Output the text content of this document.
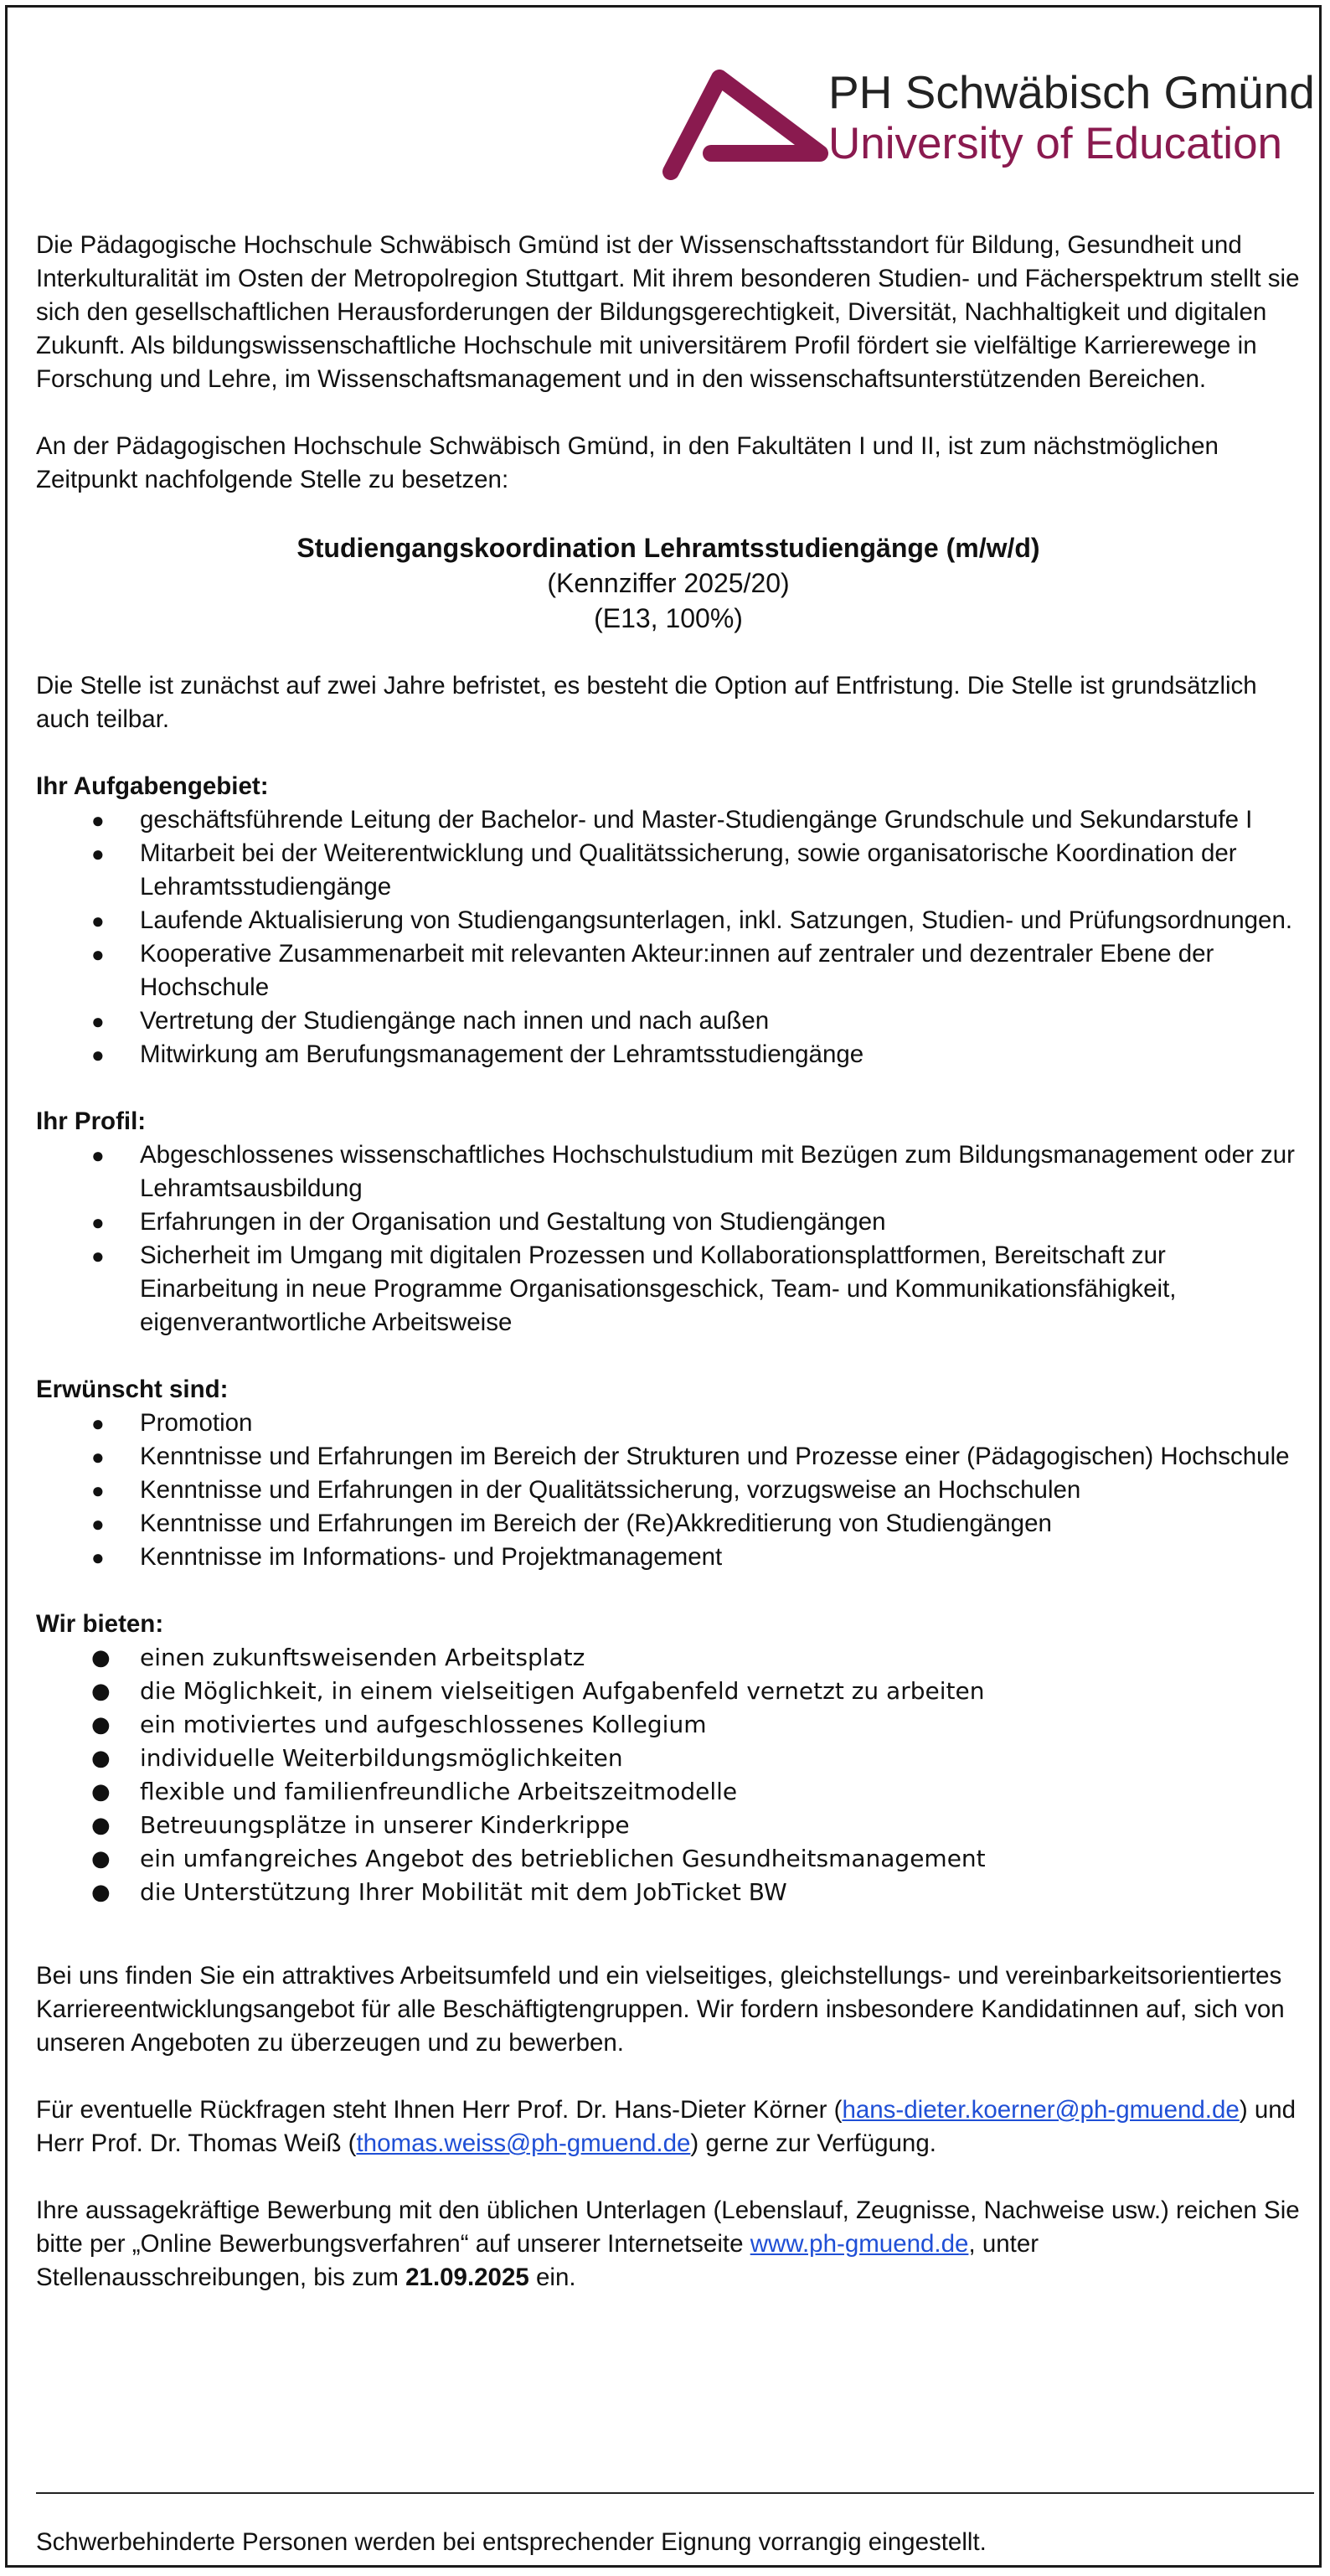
PH Schwäbisch Gmünd
University of Education

Die Pädagogische Hochschule Schwäbisch Gmünd ist der Wissenschaftsstandort für Bildung, Gesundheit und Interkulturalität im Osten der Metropolregion Stuttgart. Mit ihrem besonderen Studien- und Fächerspektrum stellt sie sich den gesellschaftlichen Herausforderungen der Bildungsgerechtigkeit, Diversität, Nachhaltigkeit und digitalen Zukunft. Als bildungswissenschaftliche Hochschule mit universitärem Profil fördert sie vielfältige Karrierewege in Forschung und Lehre, im Wissenschaftsmanagement und in den wissenschaftsunterstützenden Bereichen.

An der Pädagogischen Hochschule Schwäbisch Gmünd, in den Fakultäten I und II, ist zum nächstmöglichen Zeitpunkt nachfolgende Stelle zu besetzen:

Studiengangskoordination Lehramtsstudiengänge (m/w/d)
(Kennziffer 2025/20)
(E13, 100%)

Die Stelle ist zunächst auf zwei Jahre befristet, es besteht die Option auf Entfristung. Die Stelle ist grundsätzlich auch teilbar.

Ihr Aufgabengebiet:
● geschäftsführende Leitung der Bachelor- und Master-Studiengänge Grundschule und Sekundarstufe I
● Mitarbeit bei der Weiterentwicklung und Qualitätssicherung, sowie organisatorische Koordination der Lehramtsstudiengänge
● Laufende Aktualisierung von Studiengangsunterlagen, inkl. Satzungen, Studien- und Prüfungsordnungen.
● Kooperative Zusammenarbeit mit relevanten Akteur:innen auf zentraler und dezentraler Ebene der Hochschule
● Vertretung der Studiengänge nach innen und nach außen
● Mitwirkung am Berufungsmanagement der Lehramtsstudiengänge
Ihr Profil:
● Abgeschlossenes wissenschaftliches Hochschulstudium mit Bezügen zum Bildungsmanagement oder zur Lehramtsausbildung
● Erfahrungen in der Organisation und Gestaltung von Studiengängen
● Sicherheit im Umgang mit digitalen Prozessen und Kollaborationsplattformen, Bereitschaft zur Einarbeitung in neue Programme Organisationsgeschick, Team- und Kommunikationsfähigkeit, eigenverantwortliche Arbeitsweise
Erwünscht sind:
● Promotion
● Kenntnisse und Erfahrungen im Bereich der Strukturen und Prozesse einer (Pädagogischen) Hochschule
● Kenntnisse und Erfahrungen in der Qualitätssicherung, vorzugsweise an Hochschulen
● Kenntnisse und Erfahrungen im Bereich der (Re)Akkreditierung von Studiengängen
● Kenntnisse im Informations- und Projektmanagement
Wir bieten:
● einen zukunftsweisenden Arbeitsplatz
● die Möglichkeit, in einem vielseitigen Aufgabenfeld vernetzt zu arbeiten
● ein motiviertes und aufgeschlossenes Kollegium
● individuelle Weiterbildungsmöglichkeiten
● flexible und familienfreundliche Arbeitszeitmodelle
● Betreuungsplätze in unserer Kinderkrippe
● ein umfangreiches Angebot des betrieblichen Gesundheitsmanagement
● die Unterstützung Ihrer Mobilität mit dem JobTicket BW

Bei uns finden Sie ein attraktives Arbeitsumfeld und ein vielseitiges, gleichstellungs- und vereinbarkeitsorientiertes Karriereentwicklungsangebot für alle Beschäftigtengruppen. Wir fordern insbesondere Kandidatinnen auf, sich von unseren Angeboten zu überzeugen und zu bewerben.

Für eventuelle Rückfragen steht Ihnen Herr Prof. Dr. Hans-Dieter Körner (hans-dieter.koerner@ph-gmuend.de) und Herr Prof. Dr. Thomas Weiß (thomas.weiss@ph-gmuend.de) gerne zur Verfügung.

Ihre aussagekräftige Bewerbung mit den üblichen Unterlagen (Lebenslauf, Zeugnisse, Nachweise usw.) reichen Sie bitte per „Online Bewerbungsverfahren“ auf unserer Internetseite www.ph-gmuend.de, unter Stellenausschreibungen, bis zum 21.09.2025 ein.

Schwerbehinderte Personen werden bei entsprechender Eignung vorrangig eingestellt.
